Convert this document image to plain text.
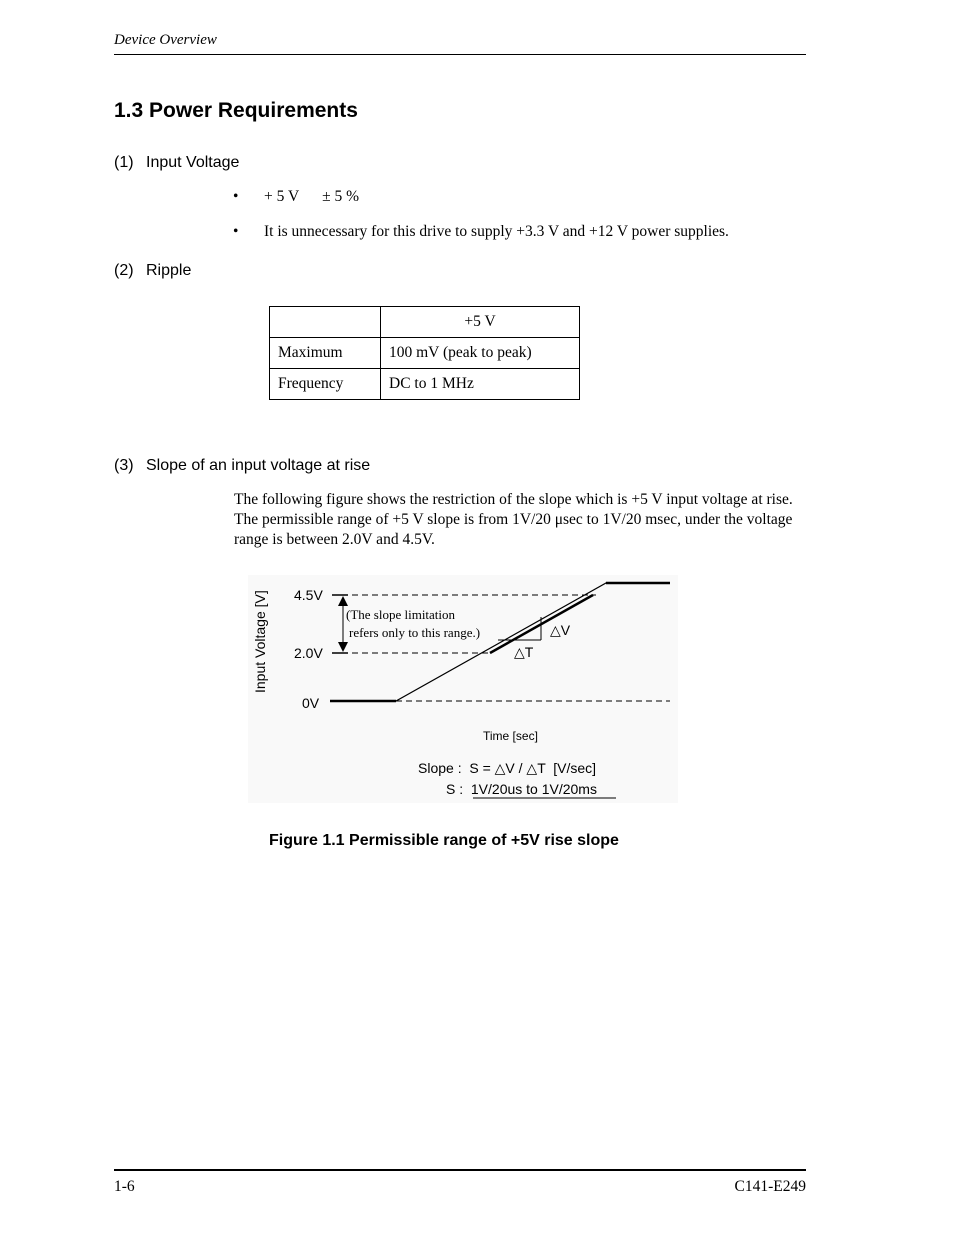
Device Overview
1.3 Power Requirements
(1) Input Voltage
• + 5 V      ± 5 %
• It is unnecessary for this drive to supply +3.3 V and +12 V power supplies.
(2) Ripple
	+5 V
Maximum	100 mV (peak to peak)
Frequency	DC to 1 MHz
(3) Slope of an input voltage at rise
The following figure shows the restriction of the slope which is +5 V input voltage at rise. The permissible range of +5 V slope is from 1V/20 μsec to 1V/20 msec, under the voltage range is between 2.0V and 4.5V.
Input Voltage [V] 4.5V
2.0V
0V
(The slope limitation
refers only to this range.)	△V
△T
Time [sec]
Slope :  S = △V / △T  [V/sec]
S :  1V/20us to 1V/20ms
Figure 1.1 Permissible range of +5V rise slope
1-6	C141-E249
